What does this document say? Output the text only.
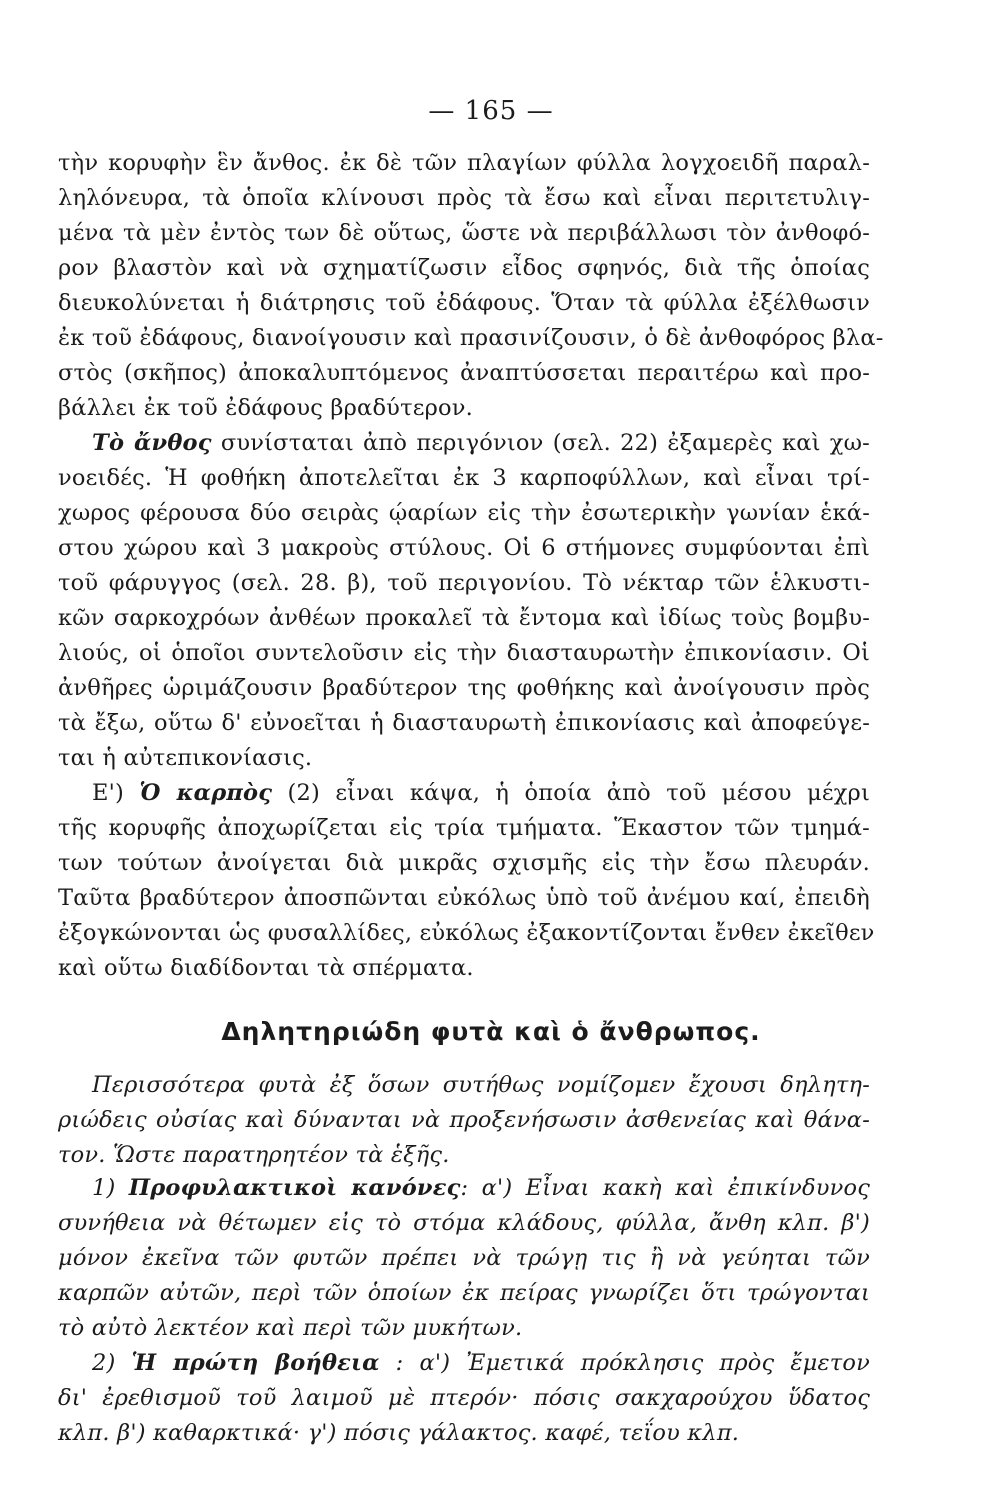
— 165 —
τὴν κορυφὴν ἓν ἄνθος. ἐκ δὲ τῶν πλαγίων φύλλα λογχοειδῆ παραλ-
ληλόνευρα, τὰ ὁποῖα κλίνουσι πρὸς τὰ ἔσω καὶ εἶναι περιτετυλιγ-
μένα τὰ μὲν ἐντὸς των δὲ οὕτως, ὥστε νὰ περιβάλλωσι τὸν ἀνθοφό-
ρον βλαστὸν καὶ νὰ σχηματίζωσιν εἶδος σφηνός, διὰ τῆς ὁποίας
διευκολύνεται ἡ διάτρησις τοῦ ἐδάφους. Ὅταν τὰ φύλλα ἐξέλθωσιν
ἐκ τοῦ ἐδάφους, διανοίγουσιν καὶ πρασινίζουσιν, ὁ δὲ ἀνθοφόρος βλα-
στὸς (σκῆπος) ἀποκαλυπτόμενος ἀναπτύσσεται περαιτέρω καὶ προ-
βάλλει ἐκ τοῦ ἐδάφους βραδύτερον.
Τὸ ἄνθος συνίσταται ἀπὸ περιγόνιον (σελ. 22) ἐξαμερὲς καὶ χω-
νοειδές. Ἡ φοθήκη ἀποτελεῖται ἐκ 3 καρποφύλλων, καὶ εἶναι τρί-
χωρος φέρουσα δύο σειρὰς ῴαρίων εἰς τὴν ἐσωτερικὴν γωνίαν ἑκά-
στου χώρου καὶ 3 μακροὺς στύλους. Οἱ 6 στήμονες συμφύονται ἐπὶ
τοῦ φάρυγγος (σελ. 28. β), τοῦ περιγονίου. Τὸ νέκταρ τῶν ἑλκυστι-
κῶν σαρκοχρόων ἀνθέων προκαλεῖ τὰ ἔντομα καὶ ἰδίως τοὺς βομβυ-
λιούς, οἱ ὁποῖοι συντελοῦσιν εἰς τὴν διασταυρωτὴν ἐπικονίασιν. Οἱ
ἀνθῆρες ὡριμάζουσιν βραδύτερον της φοθήκης καὶ ἀνοίγουσιν πρὸς
τὰ ἔξω, οὕτω δ' εὐνοεῖται ἡ διασταυρωτὴ ἐπικονίασις καὶ ἀποφεύγε-
ται ἡ αὐτεπικονίασις.
Ε') Ὁ καρπὸς (2) εἶναι κάψα, ἡ ὁποία ἀπὸ τοῦ μέσου μέχρι
τῆς κορυφῆς ἀποχωρίζεται εἰς τρία τμήματα. Ἕκαστον τῶν τμημά-
των τούτων ἀνοίγεται διὰ μικρᾶς σχισμῆς εἰς τὴν ἔσω πλευράν.
Ταῦτα βραδύτερον ἀποσπῶνται εὐκόλως ὑπὸ τοῦ ἀνέμου καί, ἐπειδὴ
ἐξογκώνονται ὡς φυσαλλίδες, εὐκόλως ἐξακοντίζονται ἔνθεν ἐκεῖθεν
καὶ οὕτω διαδίδονται τὰ σπέρματα.
Δηλητηριώδη φυτὰ καὶ ὁ ἄνθρωπος.
Περισσότερα φυτὰ ἐξ ὅσων συτήθως νομίζομεν ἔχουσι δηλητη-
ριώδεις οὐσίας καὶ δύνανται νὰ προξενήσωσιν ἀσθενείας καὶ θάνα-
τον. Ὥστε παρατηρητέον τὰ ἑξῆς.
1) Προφυλακτικοὶ κανόνες: α') Εἶναι κακὴ καὶ ἐπικίνδυνος
συνήθεια νὰ θέτωμεν εἰς τὸ στόμα κλάδους, φύλλα, ἄνθη κλπ. β')
μόνον ἐκεῖνα τῶν φυτῶν πρέπει νὰ τρώγῃ τις ἢ νὰ γεύηται τῶν
καρπῶν αὐτῶν, περὶ τῶν ὁποίων ἐκ πείρας γνωρίζει ὅτι τρώγονται
τὸ αὐτὸ λεκτέον καὶ περὶ τῶν μυκήτων.
2) Ἡ πρώτη βοήθεια : α') Ἐμετικά πρόκλησις πρὸς ἔμετον
δι' ἐρεθισμοῦ τοῦ λαιμοῦ μὲ πτερόν· πόσις σακχαρούχου ὕδατος
κλπ. β') καθαρκτικά· γ') πόσις γάλακτος. καφέ, τεΐου κλπ.
